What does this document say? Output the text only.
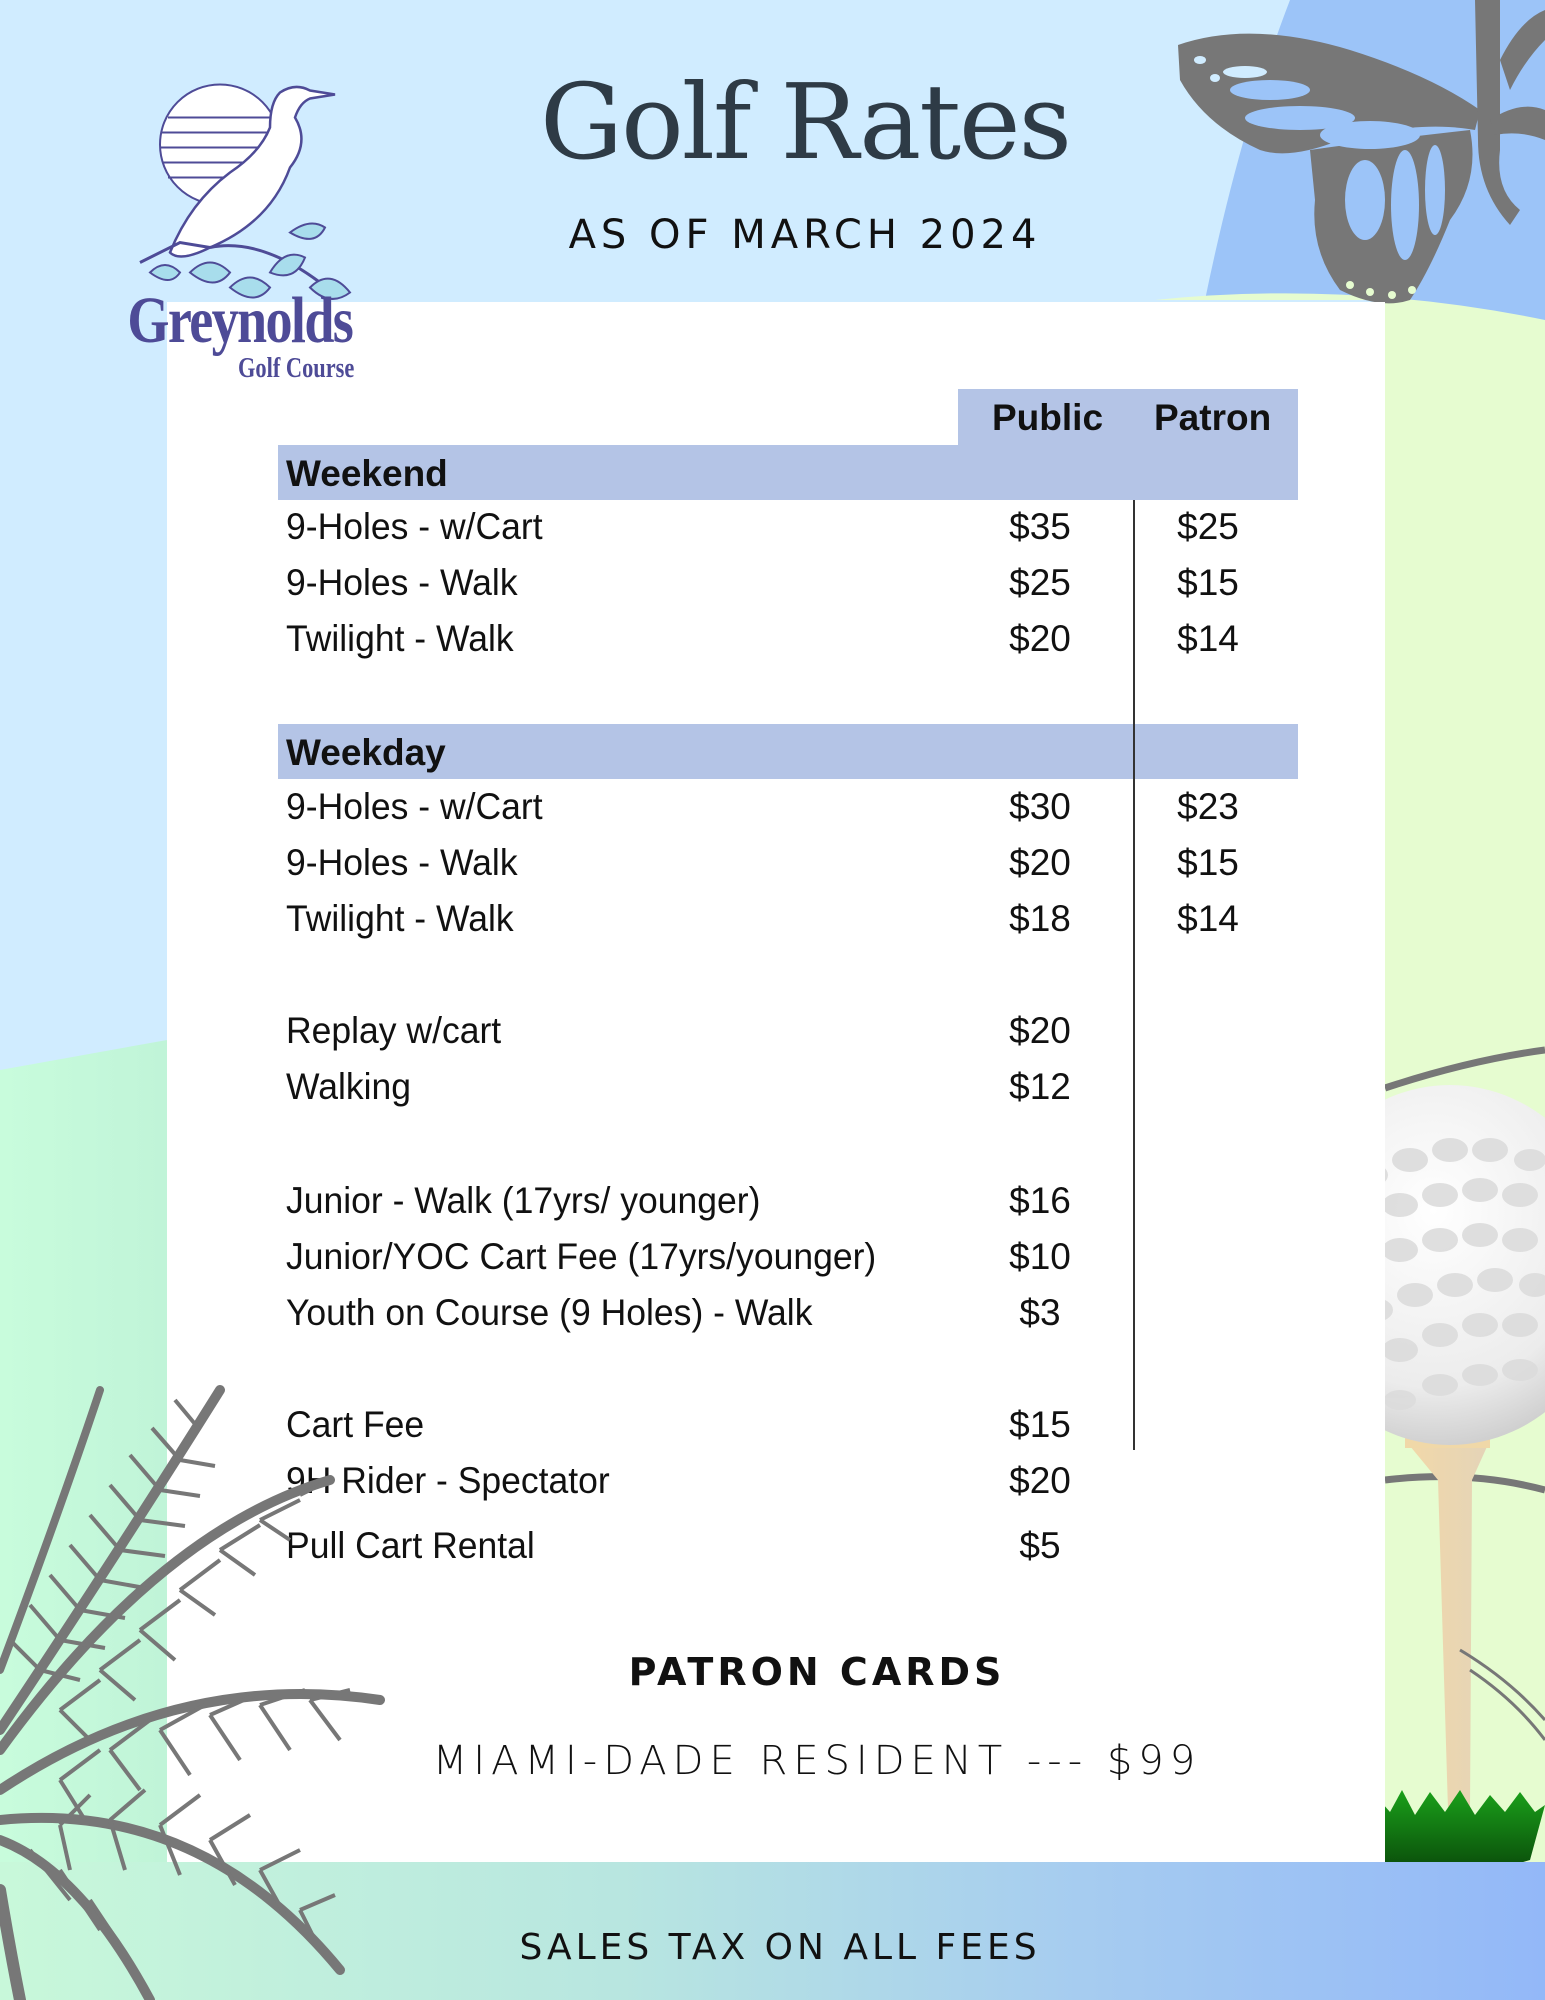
Greynolds
Golf Rates
AS OF MARCH 2024
Golf Course
Public Patron
Weekend
9-Holes - w/Cart	$35	$25
9-Holes - Walk	$25	$15
Twilight - Walk	$20	$14
Weekday
9-Holes - w/Cart	$30	$23
9-Holes - Walk	$20	$15
Twilight - Walk	$18	$14
Replay w/cart	$20
Walking	$12
Junior - Walk (17yrs/ younger)	$16
Junior/YOC Cart Fee (17yrs/younger)	$10
Youth on Course (9 Holes) - Walk	$3
Cart Fee	$15
9H Rider - Spectator	$20
Pull Cart Rental	$5
PATRON CARDS
MIAMI-DADE RESIDENT --- $99
SALES TAX ON ALL FEES
